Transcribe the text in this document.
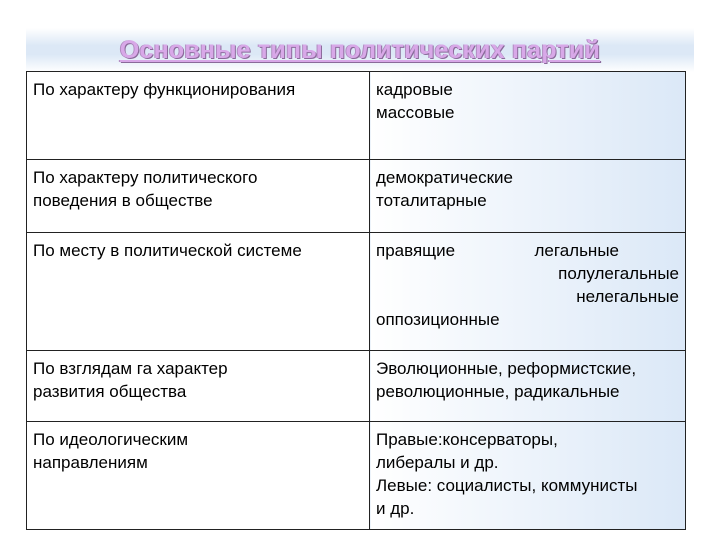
Основные типы политических партий
По характеру функционирования	кадровые
массовые

По характеру политического
поведения в обществе	демократические
тоталитарные

По месту в политической системе	правящие легальные
полулегальные
нелегальные
оппозиционные

По взглядам га характер
развития общества	Эволюционные, реформистские,
революционные, радикальные

По идеологическим
направлениям	Правые:консерваторы,
либералы и др.
Левые: социалисты, коммунисты
и др.
